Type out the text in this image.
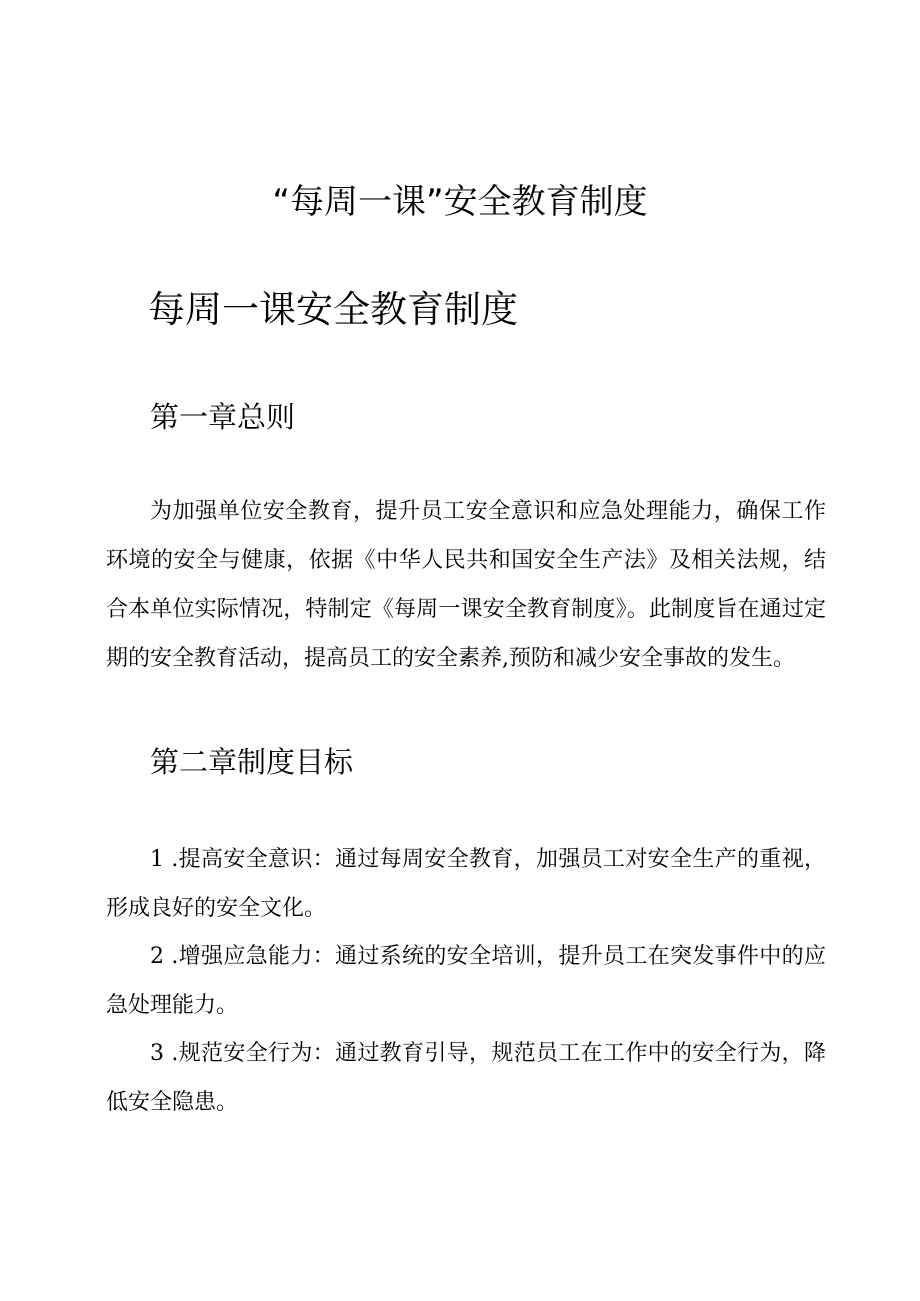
“每周一课”安全教育制度
每周一课安全教育制度
第一章总则

为加强单位安全教育，提升员工安全意识和应急处理能力，确保工作环境的安全与健康，依据《中华人民共和国安全生产法》及相关法规，结合本单位实际情况，特制定《每周一课安全教育制度》。此制度旨在通过定期的安全教育活动，提高员工的安全素养,预防和减少安全事故的发生。

第二章制度目标

1 .提高安全意识：通过每周安全教育，加强员工对安全生产的重视，形成良好的安全文化。

2 .增强应急能力：通过系统的安全培训，提升员工在突发事件中的应急处理能力。

3 .规范安全行为：通过教育引导，规范员工在工作中的安全行为，降低安全隐患。
